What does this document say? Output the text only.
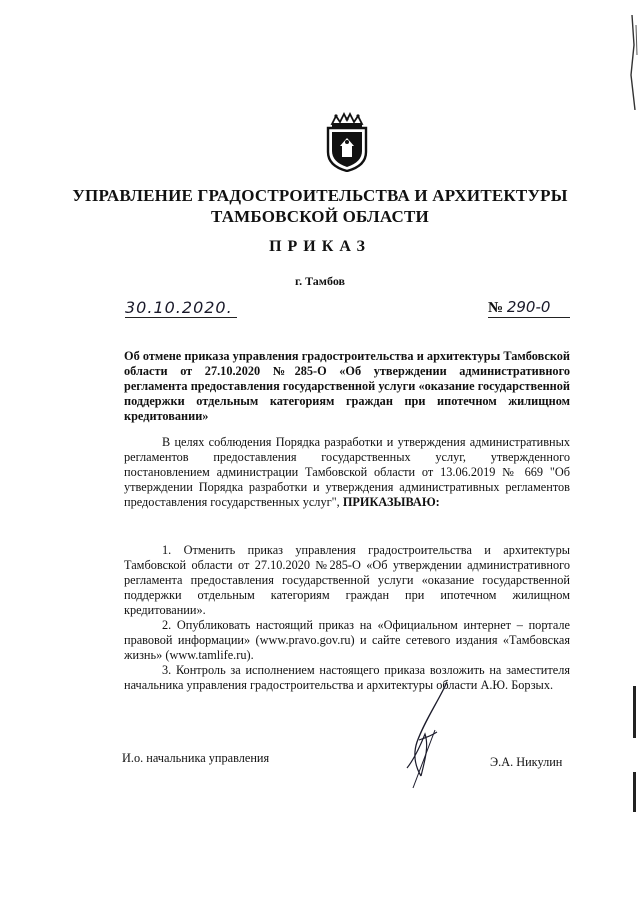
УПРАВЛЕНИЕ ГРАДОСТРОИТЕЛЬСТВА И АРХИТЕКТУРЫ
ТАМБОВСКОЙ ОБЛАСТИ
ПРИКАЗ
г. Тамбов
30.10.2020.	№ 290-0
Об отмене приказа управления градостроительства и архитектуры Тамбовской области от 27.10.2020 №285-О «Об утверждении административного регламента предоставления государственной услуги «оказание государственной поддержки отдельным категориям граждан при ипотечном жилищном кредитовании»
В целях соблюдения Порядка разработки и утверждения административных регламентов предоставления государственных услуг, утвержденного постановлением администрации Тамбовской области от 13.06.2019 № 669 "Об утверждении Порядка разработки и утверждения административных регламентов предоставления государственных услуг", ПРИКАЗЫВАЮ:
1. Отменить приказ управления градостроительства и архитектуры Тамбовской области от 27.10.2020 №285-О «Об утверждении административного регламента предоставления государственной услуги «оказание государственной поддержки отдельным категориям граждан при ипотечном жилищном кредитовании».
2. Опубликовать настоящий приказ на «Официальном интернет – портале правовой информации» (www.pravo.gov.ru) и сайте сетевого издания «Тамбовская жизнь» (www.tamlife.ru).
3. Контроль за исполнением настоящего приказа возложить на заместителя начальника управления градостроительства и архитектуры области А.Ю. Борзых.
И.о. начальника управления	Э.А. Никулин
